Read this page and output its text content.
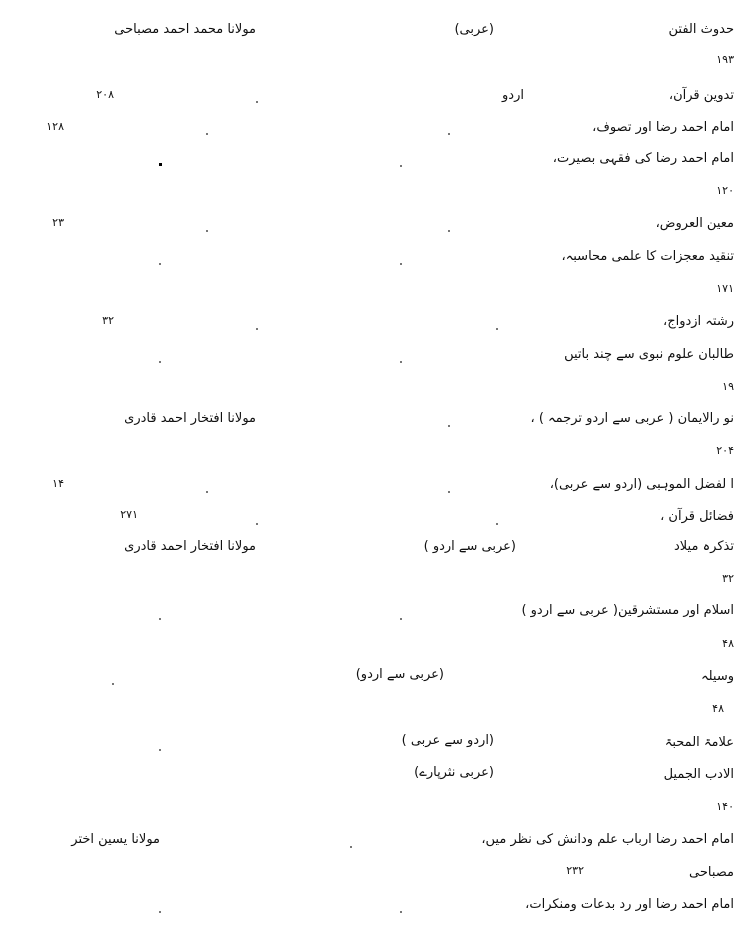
حدوث الفتن
(عربی)
مولانا محمد احمد مصباحی
۱۹۳
تدوین قرآن،
اردو
۲۰۸
امام احمد رضا اور تصوف،
۱۲۸
امام احمد رضا کی فقہی بصیرت،
۱۲۰
معین العروض،
۲۳
تنقید معجزات کا علمی محاسبہ،
۱۷۱
رشتہ ازدواج،
۳۲
طالبان علوم نبوی سے چند باتیں
۱۹
نو رالایمان ( عربی سے اردو ترجمہ ) ،
مولانا افتخار احمد قادری
۲۰۴
ا لفضل الموہبی (اردو سے عربی)،
۱۴
فضائل قرآن ،
۲۷۱
تذکرہ میلاد
(عربی سے اردو )
مولانا افتخار احمد قادری
۳۲
اسلام اور مستشرقین( عربی سے اردو )
۴۸
وسیلہ
(عربی سے اردو)
۴۸
علامۃ المحبۃ
(اردو سے عربی )
الادب الجمیل
(عربی نثرپارے)
۱۴۰
امام احمد رضا ارباب علم ودانش کی نظر میں،
مولانا یسین اختر
مصباحی
۲۳۲
امام احمد رضا اور رد بدعات ومنکرات،
